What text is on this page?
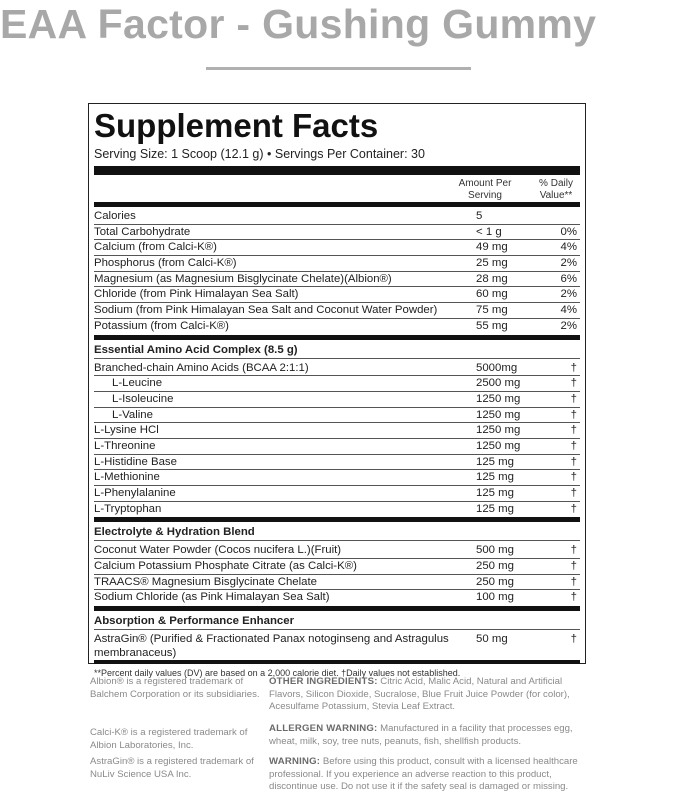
EAA Factor - Gushing Gummy
Supplement Facts
Serving Size: 1 Scoop (12.1 g) • Servings Per Container: 30
Amount Per
Serving
% Daily
Value**
Calories	5
Total Carbohydrate	< 1 g	0%
Calcium (from Calci-K®)	49 mg	4%
Phosphorus (from Calci-K®)	25 mg	2%
Magnesium (as Magnesium Bisglycinate Chelate)(Albion®)	28 mg	6%
Chloride (from Pink Himalayan Sea Salt)	60 mg	2%
Sodium (from Pink Himalayan Sea Salt and Coconut Water Powder)	75 mg	4%
Potassium (from Calci-K®)	55 mg	2%
Essential Amino Acid Complex (8.5 g)
Branched-chain Amino Acids (BCAA 2:1:1)	5000mg	†
L-Leucine	2500 mg	†
L-Isoleucine	1250 mg	†
L-Valine	1250 mg	†
L-Lysine HCl	1250 mg	†
L-Threonine	1250 mg	†
L-Histidine Base	125 mg	†
L-Methionine	125 mg	†
L-Phenylalanine	125 mg	†
L-Tryptophan	125 mg	†
Electrolyte & Hydration Blend
Coconut Water Powder (Cocos nucifera L.)(Fruit)	500 mg	†
Calcium Potassium Phosphate Citrate (as Calci-K®)	250 mg	†
TRAACS® Magnesium Bisglycinate Chelate	250 mg	†
Sodium Chloride (as Pink Himalayan Sea Salt)	100 mg	†
Absorption & Performance Enhancer
AstraGin® (Purified & Fractionated Panax notoginseng and Astragulus membranaceus)
50 mg	†
**Percent daily values (DV) are based on a 2,000 calorie diet. †Daily values not established.
Albion® is a registered trademark of Balchem Corporation or its subsidiaries.
Calci-K® is a registered trademark of Albion Laboratories, Inc.
AstraGin® is a registered trademark of NuLiv Science USA Inc.
OTHER INGREDIENTS: Citric Acid, Malic Acid, Natural and Artificial Flavors, Silicon Dioxide, Sucralose, Blue Fruit Juice Powder (for color), Acesulfame Potassium, Stevia Leaf Extract.
ALLERGEN WARNING: Manufactured in a facility that processes egg, wheat, milk, soy, tree nuts, peanuts, fish, shellfish products.
WARNING: Before using this product, consult with a licensed healthcare professional. If you experience an adverse reaction to this product, discontinue use. Do not use it if the safety seal is damaged or missing.
